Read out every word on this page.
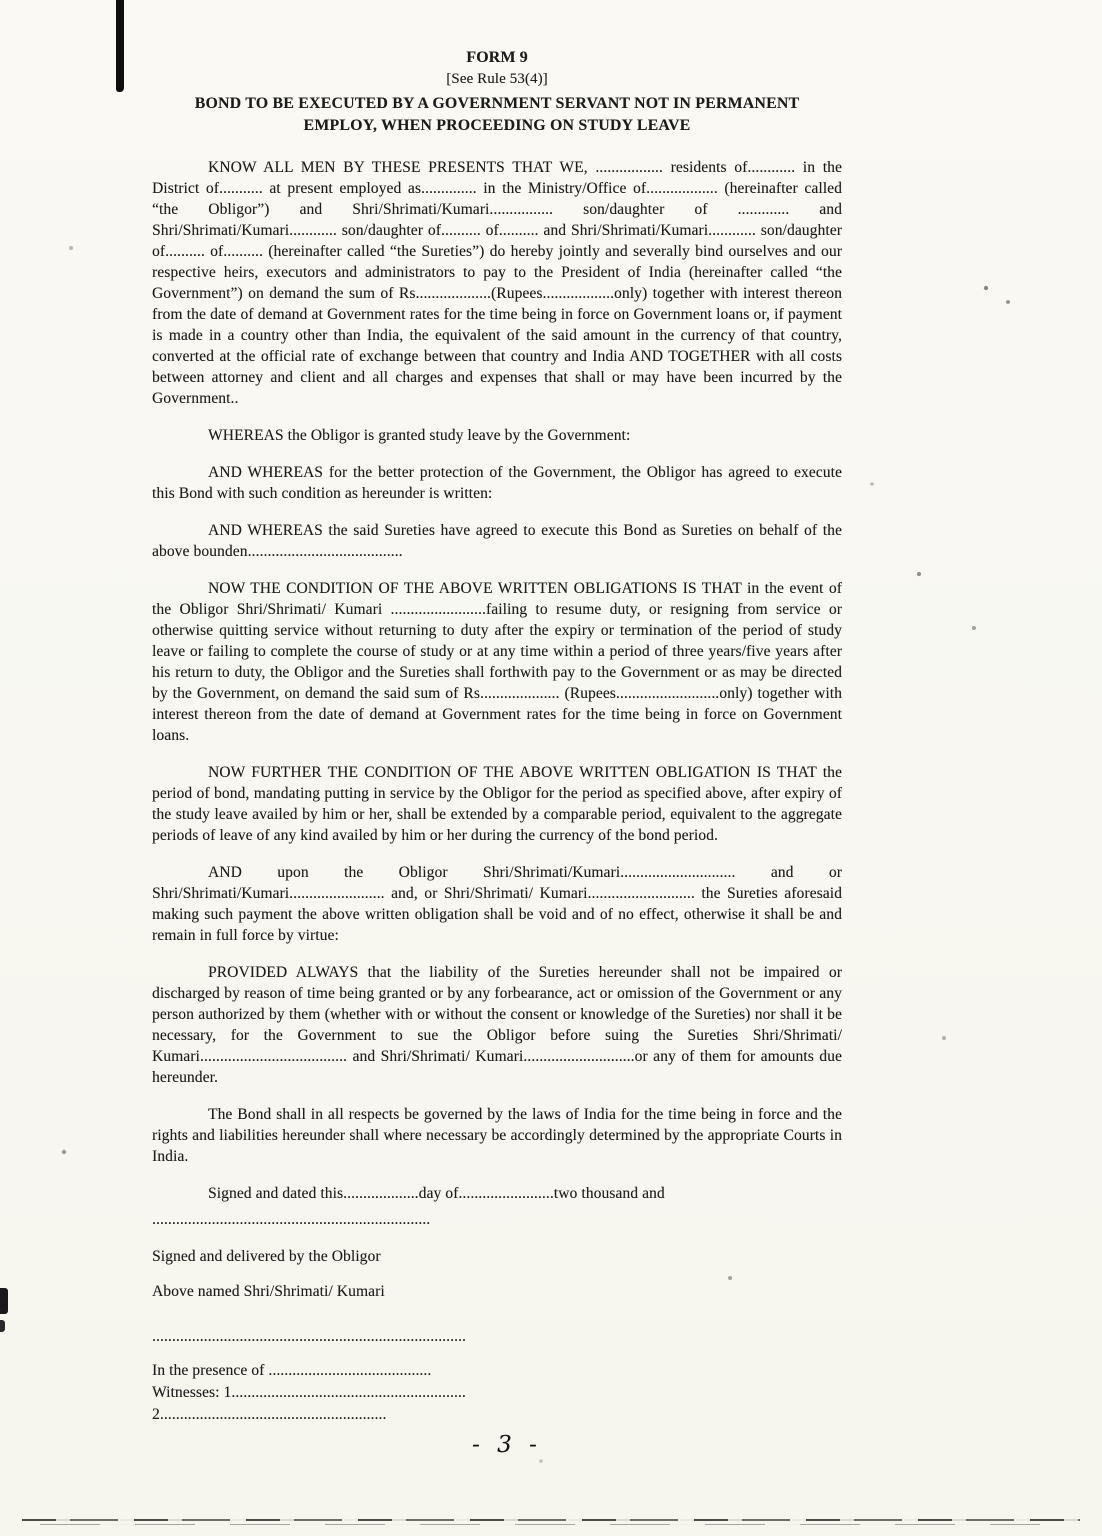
FORM 9

[See Rule 53(4)]

BOND TO BE EXECUTED BY A GOVERNMENT SERVANT NOT IN PERMANENT

EMPLOY, WHEN PROCEEDING ON STUDY LEAVE

KNOW ALL MEN BY THESE PRESENTS THAT WE, ................. residents of............ in the District of........... at present employed as.............. in the Ministry/Office of.................. (hereinafter called “the Obligor”) and Shri/Shrimati/Kumari................ son/daughter of ............. and Shri/Shrimati/Kumari............ son/daughter of.......... of.......... and Shri/Shrimati/Kumari............ son/daughter of.......... of.......... (hereinafter called “the Sureties”) do hereby jointly and severally bind ourselves and our respective heirs, executors and administrators to pay to the President of India (hereinafter called “the Government”) on demand the sum of Rs...................(Rupees..................only) together with interest thereon from the date of demand at Government rates for the time being in force on Government loans or, if payment is made in a country other than India, the equivalent of the said amount in the currency of that country, converted at the official rate of exchange between that country and India AND TOGETHER with all costs between attorney and client and all charges and expenses that shall or may have been incurred by the Government..

WHEREAS the Obligor is granted study leave by the Government:

AND WHEREAS for the better protection of the Government, the Obligor has agreed to execute this Bond with such condition as hereunder is written:

AND WHEREAS the said Sureties have agreed to execute this Bond as Sureties on behalf of the above bounden.......................................

NOW THE CONDITION OF THE ABOVE WRITTEN OBLIGATIONS IS THAT in the event of the Obligor Shri/Shrimati/ Kumari ........................failing to resume duty, or resigning from service or otherwise quitting service without returning to duty after the expiry or termination of the period of study leave or failing to complete the course of study or at any time within a period of three years/five years after his return to duty, the Obligor and the Sureties shall forthwith pay to the Government or as may be directed by the Government, on demand the said sum of Rs.................... (Rupees..........................only) together with interest thereon from the date of demand at Government rates for the time being in force on Government loans.

NOW FURTHER THE CONDITION OF THE ABOVE WRITTEN OBLIGATION IS THAT the period of bond, mandating putting in service by the Obligor for the period as specified above, after expiry of the study leave availed by him or her, shall be extended by a comparable period, equivalent to the aggregate periods of leave of any kind availed by him or her during the currency of the bond period.

AND upon the Obligor Shri/Shrimati/Kumari............................. and or Shri/Shrimati/Kumari........................ and, or Shri/Shrimati/ Kumari........................... the Sureties aforesaid making such payment the above written obligation shall be void and of no effect, otherwise it shall be and remain in full force by virtue:

PROVIDED ALWAYS that the liability of the Sureties hereunder shall not be impaired or discharged by reason of time being granted or by any forbearance, act or omission of the Government or any person authorized by them (whether with or without the consent or knowledge of the Sureties) nor shall it be necessary, for the Government to sue the Obligor before suing the Sureties Shri/Shrimati/ Kumari..................................... and Shri/Shrimati/ Kumari............................or any of them for amounts due hereunder.

The Bond shall in all respects be governed by the laws of India for the time being in force and the rights and liabilities hereunder shall where necessary be accordingly determined by the appropriate Courts in India.

Signed and dated this...................day of........................two thousand and

......................................................................

Signed and delivered by the Obligor

Above named Shri/Shrimati/ Kumari

...............................................................................

In the presence of .........................................

Witnesses: 1...........................................................

2.........................................................

- 3 -
